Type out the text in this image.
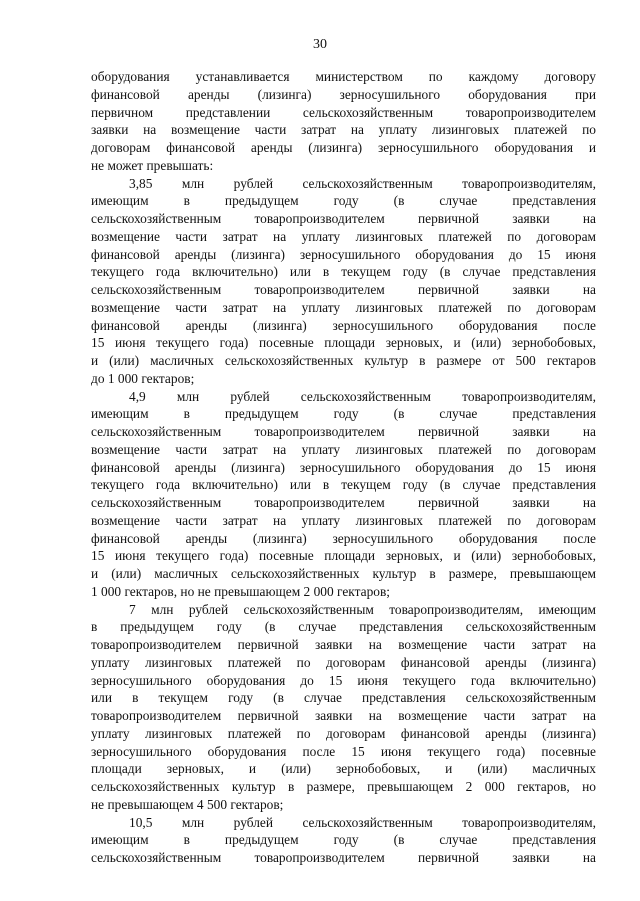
30
оборудования устанавливается министерством по каждому договору
финансовой аренды (лизинга) зерносушильного оборудования при
первичном представлении сельскохозяйственным товаропроизводителем
заявки на возмещение части затрат на уплату лизинговых платежей по
договорам финансовой аренды (лизинга) зерносушильного оборудования и
не может превышать:
3,85 млн рублей сельскохозяйственным товаропроизводителям,
имеющим в предыдущем году (в случае представления
сельскохозяйственным товаропроизводителем первичной заявки на
возмещение части затрат на уплату лизинговых платежей по договорам
финансовой аренды (лизинга) зерносушильного оборудования до 15 июня
текущего года включительно) или в текущем году (в случае представления
сельскохозяйственным товаропроизводителем первичной заявки на
возмещение части затрат на уплату лизинговых платежей по договорам
финансовой аренды (лизинга) зерносушильного оборудования после
15 июня текущего года) посевные площади зерновых, и (или) зернобобовых,
и (или) масличных сельскохозяйственных культур в размере от 500 гектаров
до 1 000 гектаров;
4,9 млн рублей сельскохозяйственным товаропроизводителям,
имеющим в предыдущем году (в случае представления
сельскохозяйственным товаропроизводителем первичной заявки на
возмещение части затрат на уплату лизинговых платежей по договорам
финансовой аренды (лизинга) зерносушильного оборудования до 15 июня
текущего года включительно) или в текущем году (в случае представления
сельскохозяйственным товаропроизводителем первичной заявки на
возмещение части затрат на уплату лизинговых платежей по договорам
финансовой аренды (лизинга) зерносушильного оборудования после
15 июня текущего года) посевные площади зерновых, и (или) зернобобовых,
и (или) масличных сельскохозяйственных культур в размере, превышающем
1 000 гектаров, но не превышающем 2 000 гектаров;
7 млн рублей сельскохозяйственным товаропроизводителям, имеющим
в предыдущем году (в случае представления сельскохозяйственным
товаропроизводителем первичной заявки на возмещение части затрат на
уплату лизинговых платежей по договорам финансовой аренды (лизинга)
зерносушильного оборудования до 15 июня текущего года включительно)
или в текущем году (в случае представления сельскохозяйственным
товаропроизводителем первичной заявки на возмещение части затрат на
уплату лизинговых платежей по договорам финансовой аренды (лизинга)
зерносушильного оборудования после 15 июня текущего года) посевные
площади зерновых, и (или) зернобобовых, и (или) масличных
сельскохозяйственных культур в размере, превышающем 2 000 гектаров, но
не превышающем 4 500 гектаров;
10,5 млн рублей сельскохозяйственным товаропроизводителям,
имеющим в предыдущем году (в случае представления
сельскохозяйственным товаропроизводителем первичной заявки на
